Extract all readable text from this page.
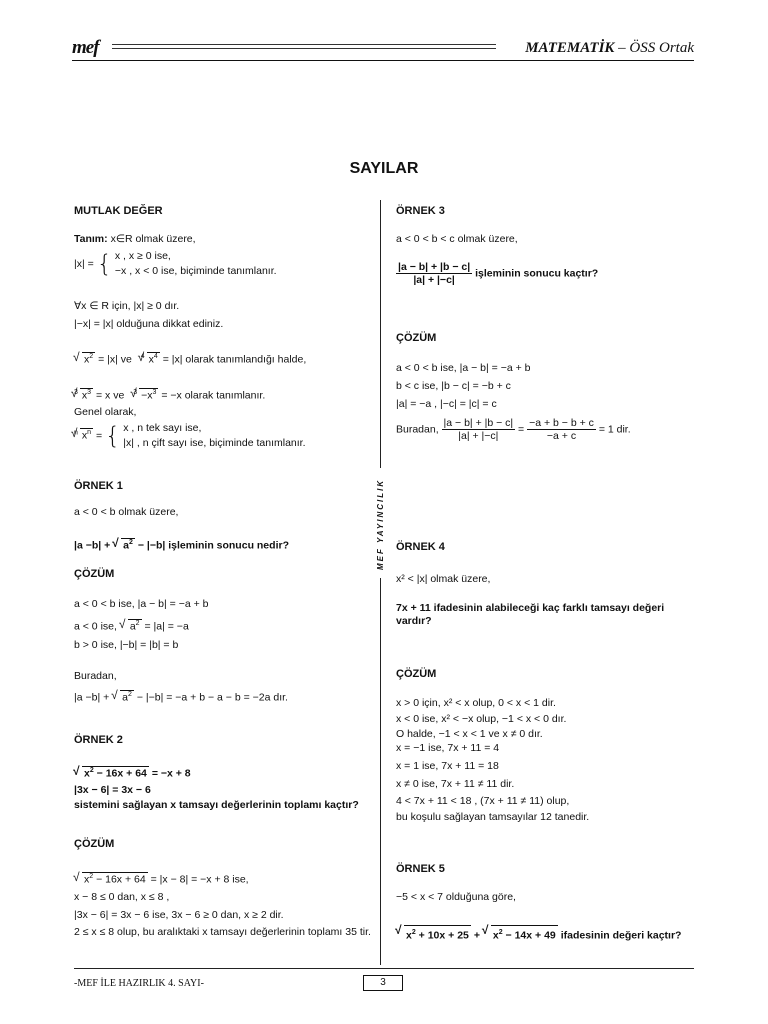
mef	MATEMATİK – ÖSS Ortak
SAYILAR
MEF YAYINCILIK
MUTLAK DEĞER
Tanım: x∈R olmak üzere,
|x| = { x , x ≥ 0 ise,
−x , x < 0 ise, biçiminde tanımlanır.
∀x ∈ R için, |x| ≥ 0 dır.
|−x| = |x| olduğuna dikkat ediniz.
√ $x^2 = |x|$ ve $^4$√ $x^4 = |x|$ olarak tanımlandığı halde,
$^3$√ $x^3 = x$ ve $^3√ -x^3 = -x$ olarak tanımlanır.
Genel olarak,
$^n$√ $x^n$ = { x , n tek sayı ise,
|x| , n çift sayı ise, biçiminde tanımlanır.
ÖRNEK 1
a < 0 < b olmak üzere,
|a −b| + √ $a^2 - |-b|$ işleminin sonucu nedir?
ÇÖZÜM
a < 0 < b ise, |a − b| = −a + b
a < 0 ise, √ $a^2 = |a| = -a$
b > 0 ise, |−b| = |b| = b
Buradan,
|a −b| + √ $a^2 - |-b| = -a + b - a - b = -2a$ dır.
ÖRNEK 2
√ $x^2 - 16x + 64 = -x + 8$
|3x − 6| = 3x − 6
sistemini sağlayan x tamsayı değerlerinin toplamı kaçtır?
ÇÖZÜM
√ $x^2 - 16x + 64 = |x - 8| = -x + 8$ ise,
x − 8 ≤ 0 dan, x ≤ 8 ,
|3x − 6| = 3x − 6 ise, 3x − 6 ≥ 0 dan, x ≥ 2 dir.
2 ≤ x ≤ 8 olup, bu aralıktaki x tamsayı değerlerinin toplamı 35 tir.
ÖRNEK 3
a < 0 < b < c olmak üzere,
$\frac{|a - b| + |b - c|}{|a| + |-c|}$ işleminin sonucu kaçtır?
ÇÖZÜM
a < 0 < b ise, |a − b| = −a + b
b < c ise, |b − c| = −b + c
|a| = −a , |−c| = |c| = c
Buradan, $\frac{|a - b| + |b - c|}{|a| + |-c|} = \frac{-a + b - b + c}{-a + c} = 1$ dir.
ÖRNEK 4
x² < |x| olmak üzere,
7x + 11 ifadesinin alabileceği kaç farklı tamsayı değeri vardır?
ÇÖZÜM
x > 0 için, x² < x olup, 0 < x < 1 dir.
x < 0 ise, x² < −x olup, −1 < x < 0 dır.
O halde, −1 < x < 1 ve x ≠ 0 dır.
x = −1 ise, 7x + 11 = 4
x = 1 ise, 7x + 11 = 18
x ≠ 0 ise, 7x + 11 ≠ 11 dir.
4 < 7x + 11 < 18 , (7x + 11 ≠ 11) olup,
bu koşulu sağlayan tamsayılar 12 tanedir.
ÖRNEK 5
−5 < x < 7 olduğuna göre,
√ $x^2 + 10x + 25$ + √ $x^2 - 14x + 49$ ifadesinin değeri kaçtır?
-MEF İLE HAZIRLIK 4. SAYI-	3
